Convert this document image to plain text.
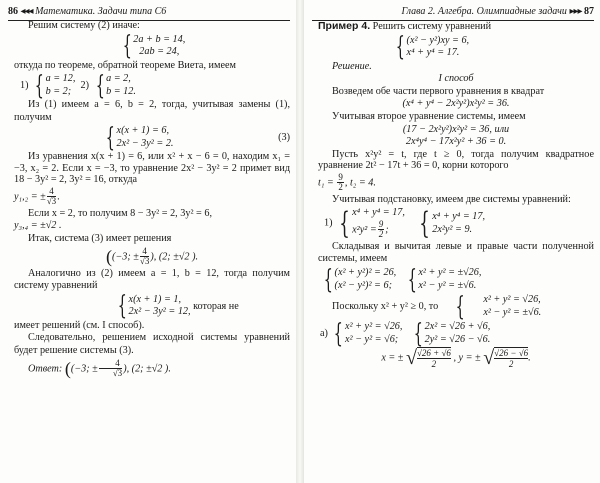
86 ◂◂◂ Математика. Задачи типа С6

Решим систему (2) иначе:

{ 2a + b = 14,
2ab = 24,

откуда по теореме, обратной теореме Виета, имеем

1) { a = 12,
b = 2;
2) { a = 2,
b = 12.

Из (1) имеем a = 6, b = 2, тогда, учитывая замены (1), получим

{ x(x + 1) = 6,
2x² − 3y² = 2.
(3)

Из уравнения x(x + 1) = 6, или x² + x − 6 = 0, находим x₁ = −3, x₂ = 2. Если x = −3, то уравнение 2x² − 3y² = 2 примет вид 18 − 3y² = 2, 3y² = 16, откуда

y₁,₂ = ± $\frac{4}{√3}$ .

Если x = 2, то получим 8 − 3y² = 2, 3y² = 6,

y₃,₄ = ±√2 .

Итак, система (3) имеет решения

((−3; ± $\frac{4}{√3}$ ), (2; ±√2 ).

Аналогично из (2) имеем a = 1, b = 12, тогда получим систему уравнений

{ x(x + 1) = 1,
2x² − 3y² = 12,
которая не

имеет решений (см. I способ).

Следовательно, решением исходной системы уравнений будет решение системы (3).

Ответ: ((−3; ± $\frac{4}{√3}$ ), (2; ±√2 ).

Глава 2. Алгебра. Олимпиадные задачи ▸▸▸ 87

Пример 4. Решить систему уравнений

{ (x² − y²)xy = 6,
x⁴ + y⁴ = 17.

Решение.

I способ

Возведем обе части первого уравнения в квадрат

(x⁴ + y⁴ − 2x²y²)x²y² = 36.

Учитывая второе уравнение системы, имеем

(17 − 2x²y²)x²y² = 36, или

2x⁴y⁴ − 17x²y² + 36 = 0.

Пусть x²y² = t, где t ≥ 0, тогда получим квадратное уравнение 2t² − 17t + 36 = 0, корни которого

$t_1 = \frac{9}{2}$ , t₂ = 4.

Учитывая подстановку, имеем две системы уравнений:

1) { x⁴ + y⁴ = 17,
$x^2y^2 = \frac{9}{2}$ ;
	{ x⁴ + y⁴ = 17,
2x²y² = 9.

Складывая и вычитая левые и правые части полученной системы, имеем

{ (x² + y²)² = 26,
(x² − y²)² = 6;
{ x² + y² = ±√26,
x² − y² = ±√6.
Поскольку x² + y² ≥ 0, то {	x² + y² = √26,
x² − y² = ±√6.
а) { x² + y² = √26,
x² − y² = √6;
{ 2x² = √26 + √6,
2y² = √26 − √6.

x = ± √ $\frac{√26 + √6}{2}$ , y = ± √ $\frac{√26 - √6}{2}$ .
